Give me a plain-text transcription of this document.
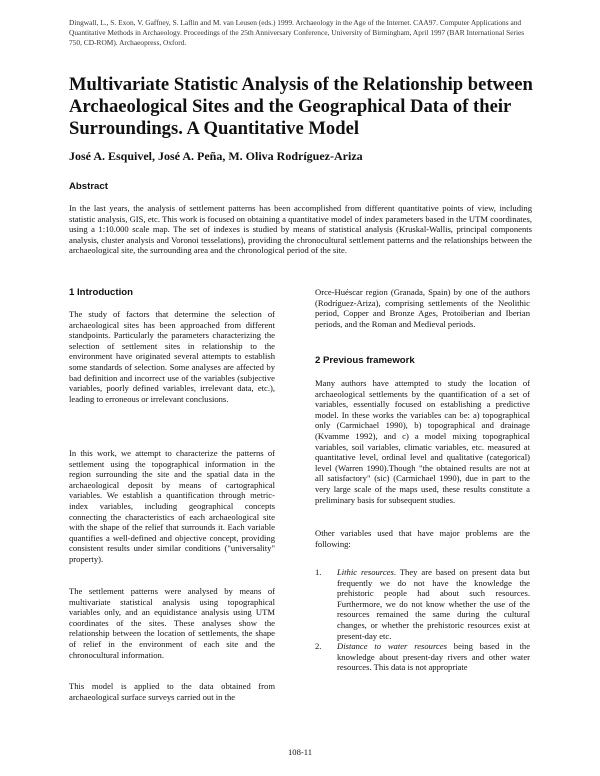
Dingwall, L., S. Exon, V. Gaffney, S. Laflin and M. van Leusen (eds.) 1999. Archaeology in the Age of the Internet. CAA97. Computer Applications and Quantitative Methods in Archaeology. Proceedings of the 25th Anniversary Conference, University of Birmingham, April 1997 (BAR International Series 750, CD-ROM). Archaeopress, Oxford.
Multivariate Statistic Analysis of the Relationship between Archaeological Sites and the Geographical Data of their Surroundings. A Quantitative Model
José A. Esquivel, José A. Peña, M. Oliva Rodríguez-Ariza
Abstract
In the last years, the analysis of settlement patterns has been accomplished from different quantitative points of view, including statistic analysis, GIS, etc. This work is focused on obtaining a quantitative model of index parameters based in the UTM coordinates, using a 1:10.000 scale map. The set of indexes is studied by means of statistical analysis (Kruskal-Wallis, principal components analysis, cluster analysis and Voronoi tesselations), providing the chronocultural settlement patterns and the relationships between the archaeological site, the surrounding area and the chronological period of the site.
1 Introduction

The study of factors that determine the selection of archaeological sites has been approached from different standpoints. Particularly the parameters characterizing the selection of settlement sites in relationship to the environment have originated several attempts to establish some standards of selection. Some analyses are affected by bad definition and incorrect use of the variables (subjective variables, poorly defined variables, irrelevant data, etc.), leading to erroneous or irrelevant conclusions.

In this work, we attempt to characterize the patterns of settlement using the topographical information in the region surrounding the site and the spatial data in the archaeological deposit by means of cartographical variables. We establish a quantification through metric-index variables, including geographical concepts connecting the characteristics of each archaeological site with the shape of the relief that surrounds it. Each variable quantifies a well-defined and objective concept, providing consistent results under similar conditions ("universality" property).

The settlement patterns were analysed by means of multivariate statistical analysis using topographical variables only, and an equidistance analysis using UTM coordinates of the sites. These analyses show the relationship between the location of settlements, the shape of relief in the environment of each site and the chronocultural information.

This model is applied to the data obtained from archaeological surface surveys carried out in the

Orce-Huéscar region (Granada, Spain) by one of the authors (Rodríguez-Ariza), comprising settlements of the Neolithic period, Copper and Bronze Ages, Protoiberian and Iberian periods, and the Roman and Medieval periods.

2 Previous framework

Many authors have attempted to study the location of archaeological settlements by the quantification of a set of variables, essentially focused on establishing a predictive model. In these works the variables can be: a) topographical only (Carmichael 1990), b) topographical and drainage (Kvamme 1992), and c) a model mixing topographical variables, soil variables, climatic variables, etc. measured at quantitative level, ordinal level and qualitative (categorical) level (Warren 1990).Though "the obtained results are not at all satisfactory" (sic) (Carmichael 1990), due in part to the very large scale of the maps used, these results constitute a preliminary basis for subsequent studies.

Other variables used that have major problems are the following:

1. Lithic resources. They are based on present data but frequently we do not have the knowledge the prehistoric people had about such resources. Furthermore, we do not know whether the use of the resources remained the same during the cultural changes, or whether the prehistoric resources exist at present-day etc.
2. Distance to water resources being based in the knowledge about present-day rivers and other water resources. This data is not appropriate
108-11
